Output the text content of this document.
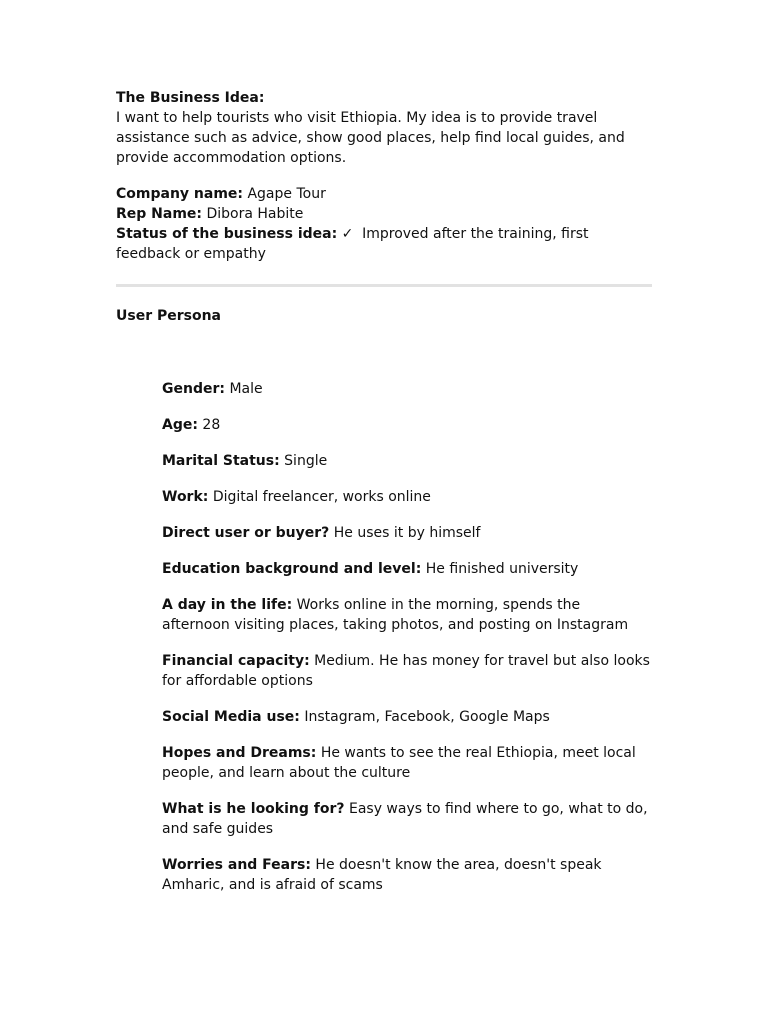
The Business Idea:

I want to help tourists who visit Ethiopia. My idea is to provide travel assistance such as advice, show good places, help find local guides, and provide accommodation options.

Company name: Agape Tour

Rep Name: Dibora Habite

Status of the business idea: ✓ Improved after the training, first feedback or empathy

User Persona

Gender: Male

Age: 28

Marital Status: Single

Work: Digital freelancer, works online

Direct user or buyer? He uses it by himself

Education background and level: He finished university

A day in the life: Works online in the morning, spends the afternoon visiting places, taking photos, and posting on Instagram

Financial capacity: Medium. He has money for travel but also looks for affordable options

Social Media use: Instagram, Facebook, Google Maps

Hopes and Dreams: He wants to see the real Ethiopia, meet local people, and learn about the culture

What is he looking for? Easy ways to find where to go, what to do, and safe guides

Worries and Fears: He doesn't know the area, doesn't speak Amharic, and is afraid of scams
